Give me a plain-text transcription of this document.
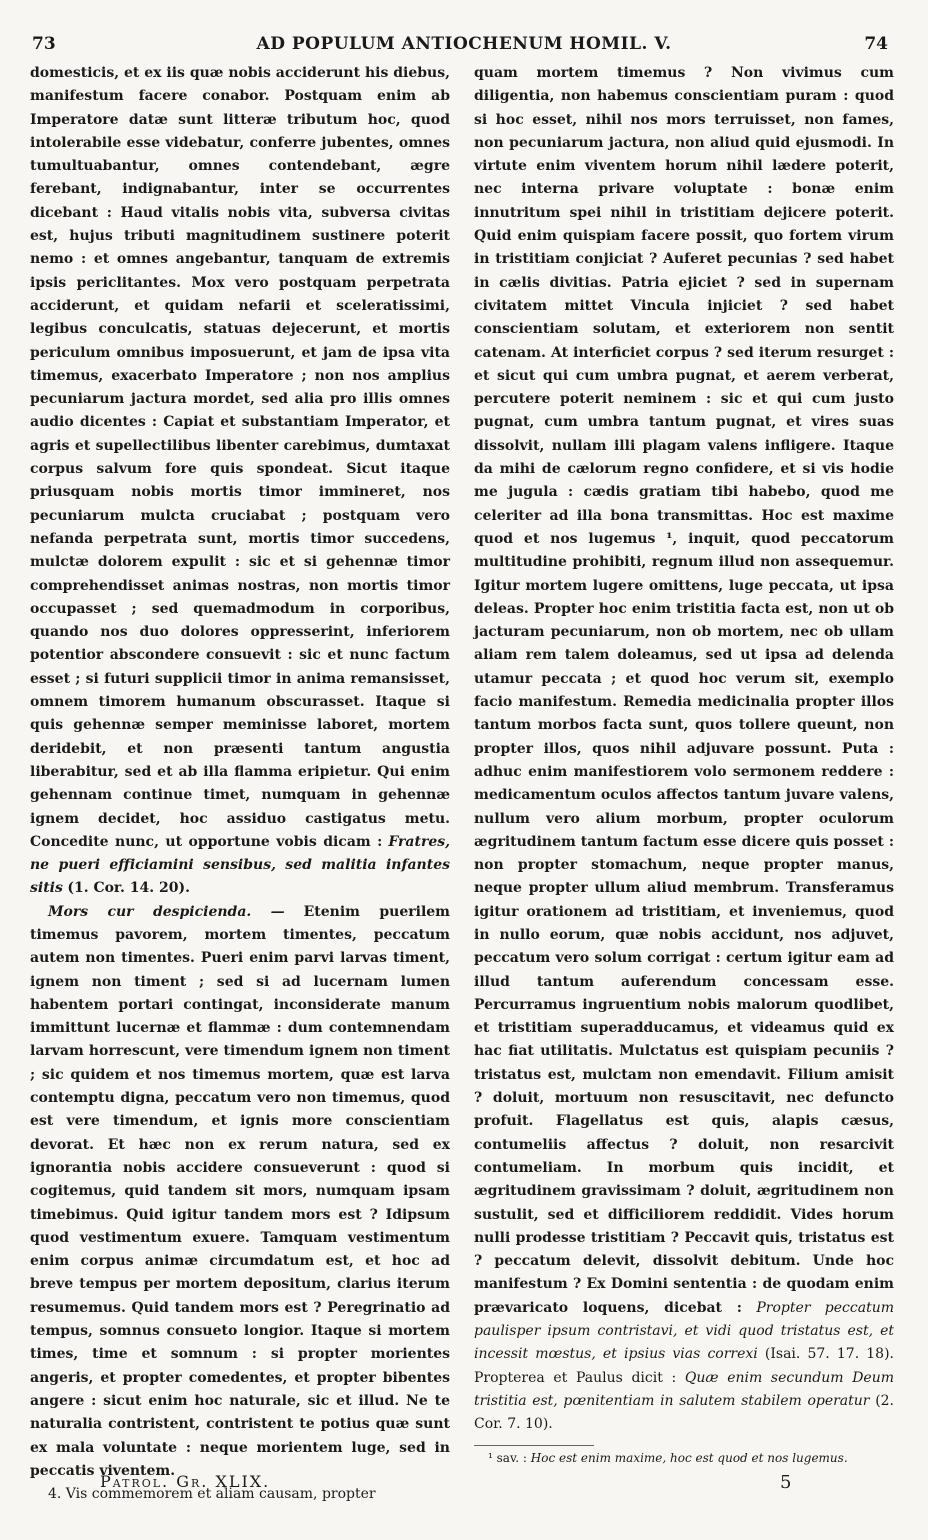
73	AD POPULUM ANTIOCHENUM HOMIL. V.	74

domesticis, et ex iis quæ nobis acciderunt his diebus, manifestum facere conabor. Postquam enim ab Imperatore datæ sunt litteræ tributum hoc, quod intolerabile esse videbatur, conferre jubentes, omnes tumultuabantur, omnes contendebant, ægre ferebant, indignabantur, inter se occurrentes dicebant : Haud vitalis nobis vita, subversa civitas est, hujus tributi magnitudinem sustinere poterit nemo : et omnes angebantur, tanquam de extremis ipsis periclitantes. Mox vero postquam perpetrata acciderunt, et quidam nefarii et sceleratissimi, legibus conculcatis, statuas dejecerunt, et mortis periculum omnibus imposuerunt, et jam de ipsa vita timemus, exacerbato Imperatore ; non nos amplius pecuniarum jactura mordet, sed alia pro illis omnes audio dicentes : Capiat et substantiam Imperator, et agris et supellectilibus libenter carebimus, dumtaxat corpus salvum fore quis spondeat. Sicut itaque priusquam nobis mortis timor immineret, nos pecuniarum mulcta cruciabat ; postquam vero nefanda perpetrata sunt, mortis timor succedens, mulctæ dolorem expulit : sic et si gehennæ timor comprehendisset animas nostras, non mortis timor occupasset ; sed quemadmodum in corporibus, quando nos duo dolores oppresserint, inferiorem potentior abscondere consuevit : sic et nunc factum esset ; si futuri supplicii timor in anima remansisset, omnem timorem humanum obscurasset. Itaque si quis gehennæ semper meminisse laboret, mortem deridebit, et non præsenti tantum angustia liberabitur, sed et ab illa flamma eripietur. Qui enim gehennam continue timet, numquam in gehennæ ignem decidet, hoc assiduo castigatus metu. Concedite nunc, ut opportune vobis dicam : Fratres, ne pueri efficiamini sensibus, sed malitia infantes sitis (1. Cor. 14. 20).

Mors cur despicienda. — Etenim puerilem timemus pavorem, mortem timentes, peccatum autem non timentes. Pueri enim parvi larvas timent, ignem non timent ; sed si ad lucernam lumen habentem portari contingat, inconsiderate manum immittunt lucernæ et flammæ : dum contemnendam larvam horrescunt, vere timendum ignem non timent ; sic quidem et nos timemus mortem, quæ est larva contemptu digna, peccatum vero non timemus, quod est vere timendum, et ignis more conscientiam devorat. Et hæc non ex rerum natura, sed ex ignorantia nobis accidere consueverunt : quod si cogitemus, quid tandem sit mors, numquam ipsam timebimus. Quid igitur tandem mors est ? Idipsum quod vestimentum exuere. Tamquam vestimentum enim corpus animæ circumdatum est, et hoc ad breve tempus per mortem depositum, clarius iterum resumemus. Quid tandem mors est ? Peregrinatio ad tempus, somnus consueto longior. Itaque si mortem times, time et somnum : si propter morientes angeris, et propter comedentes, et propter bibentes angere : sicut enim hoc naturale, sic et illud. Ne te naturalia contristent, contristent te potius quæ sunt ex mala voluntate : neque morientem luge, sed in peccatis viventem.

4. Vis commemorem et aliam causam, propter

quam mortem timemus ? Non vivimus cum diligentia, non habemus conscientiam puram : quod si hoc esset, nihil nos mors terruisset, non fames, non pecuniarum jactura, non aliud quid ejusmodi. In virtute enim viventem horum nihil lædere poterit, nec interna privare voluptate : bonæ enim innutritum spei nihil in tristitiam dejicere poterit. Quid enim quispiam facere possit, quo fortem virum in tristitiam conjiciat ? Auferet pecunias ? sed habet in cælis divitias. Patria ejiciet ? sed in supernam civitatem mittet Vincula injiciet ? sed habet conscientiam solutam, et exteriorem non sentit catenam. At interficiet corpus ? sed iterum resurget : et sicut qui cum umbra pugnat, et aerem verberat, percutere poterit neminem : sic et qui cum justo pugnat, cum umbra tantum pugnat, et vires suas dissolvit, nullam illi plagam valens infligere. Itaque da mihi de cælorum regno confidere, et si vis hodie me jugula : cædis gratiam tibi habebo, quod me celeriter ad illa bona transmittas. Hoc est maxime quod et nos lugemus ¹, inquit, quod peccatorum multitudine prohibiti, regnum illud non assequemur. Igitur mortem lugere omittens, luge peccata, ut ipsa deleas. Propter hoc enim tristitia facta est, non ut ob jacturam pecuniarum, non ob mortem, nec ob ullam aliam rem talem doleamus, sed ut ipsa ad delenda utamur peccata ; et quod hoc verum sit, exemplo facio manifestum. Remedia medicinalia propter illos tantum morbos facta sunt, quos tollere queunt, non propter illos, quos nihil adjuvare possunt. Puta : adhuc enim manifestiorem volo sermonem reddere : medicamentum oculos affectos tantum juvare valens, nullum vero alium morbum, propter oculorum ægritudinem tantum factum esse dicere quis posset : non propter stomachum, neque propter manus, neque propter ullum aliud membrum. Transferamus igitur orationem ad tristitiam, et inveniemus, quod in nullo eorum, quæ nobis accidunt, nos adjuvet, peccatum vero solum corrigat : certum igitur eam ad illud tantum auferendum concessam esse. Percurramus ingruentium nobis malorum quodlibet, et tristitiam superadducamus, et videamus quid ex hac fiat utilitatis. Mulctatus est quispiam pecuniis ? tristatus est, mulctam non emendavit. Filium amisit ? doluit, mortuum non resuscitavit, nec defuncto profuit. Flagellatus est quis, alapis cæsus, contumeliis affectus ? doluit, non resarcivit contumeliam. In morbum quis incidit, et ægritudinem gravissimam ? doluit, ægritudinem non sustulit, sed et difficiliorem reddidit. Vides horum nulli prodesse tristitiam ? Peccavit quis, tristatus est ? peccatum delevit, dissolvit debitum. Unde hoc manifestum ? Ex Domini sententia : de quodam enim prævaricato loquens, dicebat : Propter peccatum paulisper ipsum contristavi, et vidi quod tristatus est, et incessit mœstus, et ipsius vias correxi (Isai. 57. 17. 18). Propterea et Paulus dicit : Quæ enim secundum Deum tristitia est, pœnitentiam in salutem stabilem operatur (2. Cor. 7. 10).

¹ sav. : Hoc est enim maxime, hoc est quod et nos lugemus.

Patrol. Gr. XLIX.	5
